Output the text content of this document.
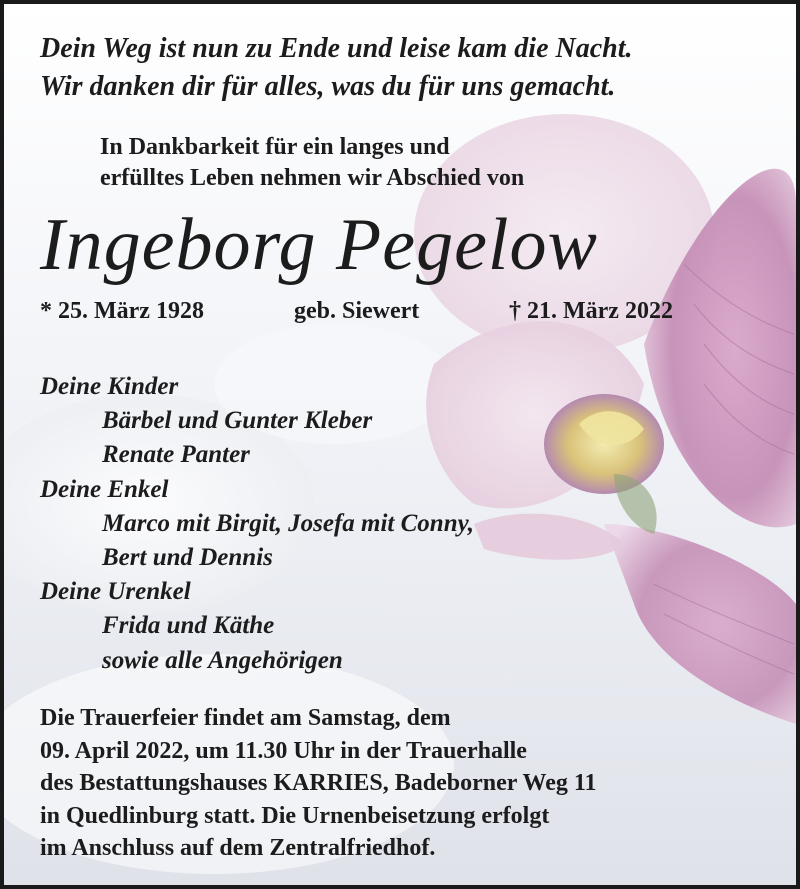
Dein Weg ist nun zu Ende und leise kam die Nacht.
Wir danken dir für alles, was du für uns gemacht.
In Dankbarkeit für ein langes und
erfülltes Leben nehmen wir Abschied von
Ingeborg Pegelow
* 25. März 1928	geb. Siewert	† 21. März 2022
Deine Kinder
Bärbel und Gunter Kleber
Renate Panter
Deine Enkel
Marco mit Birgit, Josefa mit Conny,
Bert und Dennis
Deine Urenkel
Frida und Käthe
sowie alle Angehörigen
Die Trauerfeier findet am Samstag, dem
09. April 2022, um 11.30 Uhr in der Trauerhalle
des Bestattungshauses KARRIES, Badeborner Weg 11
in Quedlinburg statt. Die Urnenbeisetzung erfolgt
im Anschluss auf dem Zentralfriedhof.
